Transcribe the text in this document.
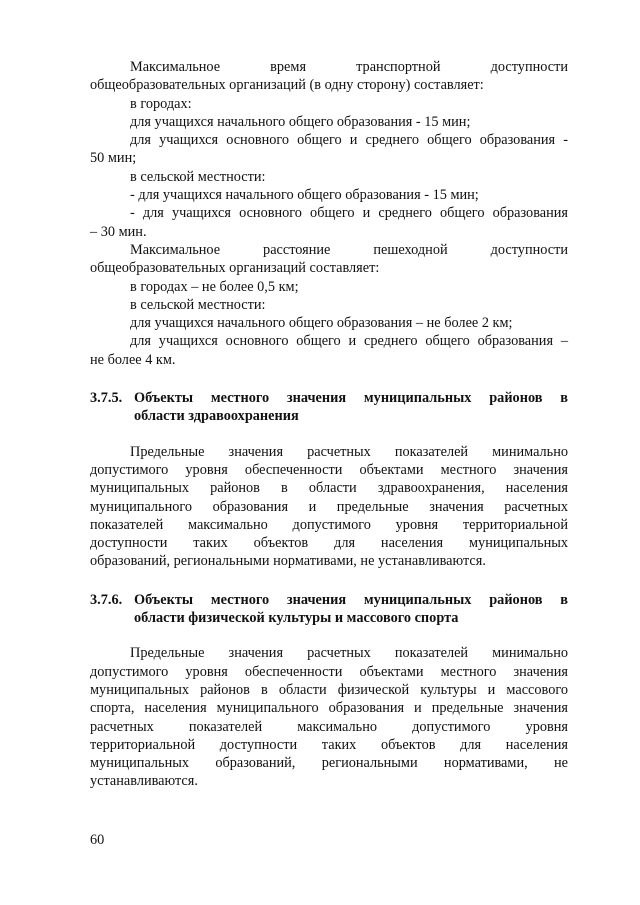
Максимальное время транспортной доступности

общеобразовательных организаций (в одну сторону) составляет:

в городах:

для учащихся начального общего образования - 15 мин;

для учащихся основного общего и среднего общего образования -

50 мин;

в сельской местности:

- для учащихся начального общего образования - 15 мин;

- для учащихся основного общего и среднего общего образования

– 30 мин.

Максимальное расстояние пешеходной доступности

общеобразовательных организаций составляет:

в городах – не более 0,5 км;

в сельской местности:

для учащихся начального общего образования – не более 2 км;

для учащихся основного общего и среднего общего образования –

не более 4 км.

3.7.5. Объекты местного значения муниципальных районов в
области здравоохранения

Предельные значения расчетных показателей минимально

допустимого уровня обеспеченности объектами местного значения

муниципальных районов в области здравоохранения, населения

муниципального образования и предельные значения расчетных

показателей максимально допустимого уровня территориальной

доступности таких объектов для населения муниципальных

образований, региональными нормативами, не устанавливаются.

3.7.6. Объекты местного значения муниципальных районов в
области физической культуры и массового спорта

Предельные значения расчетных показателей минимально

допустимого уровня обеспеченности объектами местного значения

муниципальных районов в области физической культуры и массового

спорта, населения муниципального образования и предельные значения

расчетных показателей максимально допустимого уровня

территориальной доступности таких объектов для населения

муниципальных образований, региональными нормативами, не

устанавливаются.

60
